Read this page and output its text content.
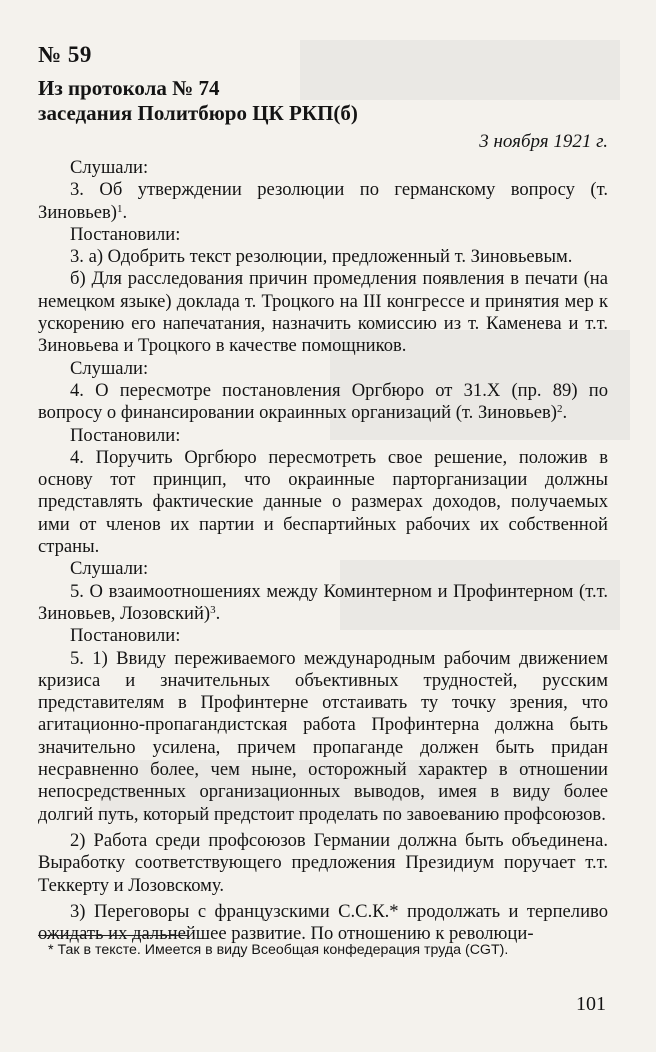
№ 59
Из протокола № 74
заседания Политбюро ЦК РКП(б)
3 ноября 1921 г.

Слушали:

3. Об утверждении резолюции по германскому вопросу (т. Зиновьев)$^1$.

Постановили:

3. а) Одобрить текст резолюции, предложенный т. Зиновьевым.

б) Для расследования причин промедления появления в печати (на немецком языке) доклада т. Троцкого на III конгрессе и принятия мер к ускорению его напечатания, назначить комиссию из т. Каменева и т.т. Зиновьева и Троцкого в качестве помощников.

Слушали:

4. О пересмотре постановления Оргбюро от 31.X (пр. 89) по вопросу о финансировании окраинных организаций (т. Зиновьев)$^2$.

Постановили:

4. Поручить Оргбюро пересмотреть свое решение, положив в основу тот принцип, что окраинные парторганизации должны представлять фактические данные о размерах доходов, получаемых ими от членов их партии и беспартийных рабочих их собственной страны.

Слушали:

5. О взаимоотношениях между Коминтерном и Профинтерном (т.т. Зиновьев, Лозовский)$^3$.

Постановили:

5. 1) Ввиду переживаемого международным рабочим движением кризиса и значительных объективных трудностей, русским представителям в Профинтерне отстаивать ту точку зрения, что агитационно-пропагандистская работа Профинтерна должна быть значительно усилена, причем пропаганде должен быть придан несравненно более, чем ныне, осторожный характер в отношении непосредственных организационных выводов, имея в виду более долгий путь, который предстоит проделать по завоеванию профсоюзов.

2) Работа среди профсоюзов Германии должна быть объединена. Выработку соответствующего предложения Президиум поручает т.т. Теккерту и Лозовскому.

3) Переговоры с французскими С.С.К.* продолжать и терпеливо ожидать их дальнейшее развитие. По отношению к революци-

* Так в тексте. Имеется в виду Всеобщая конфедерация труда (CGT).
101
